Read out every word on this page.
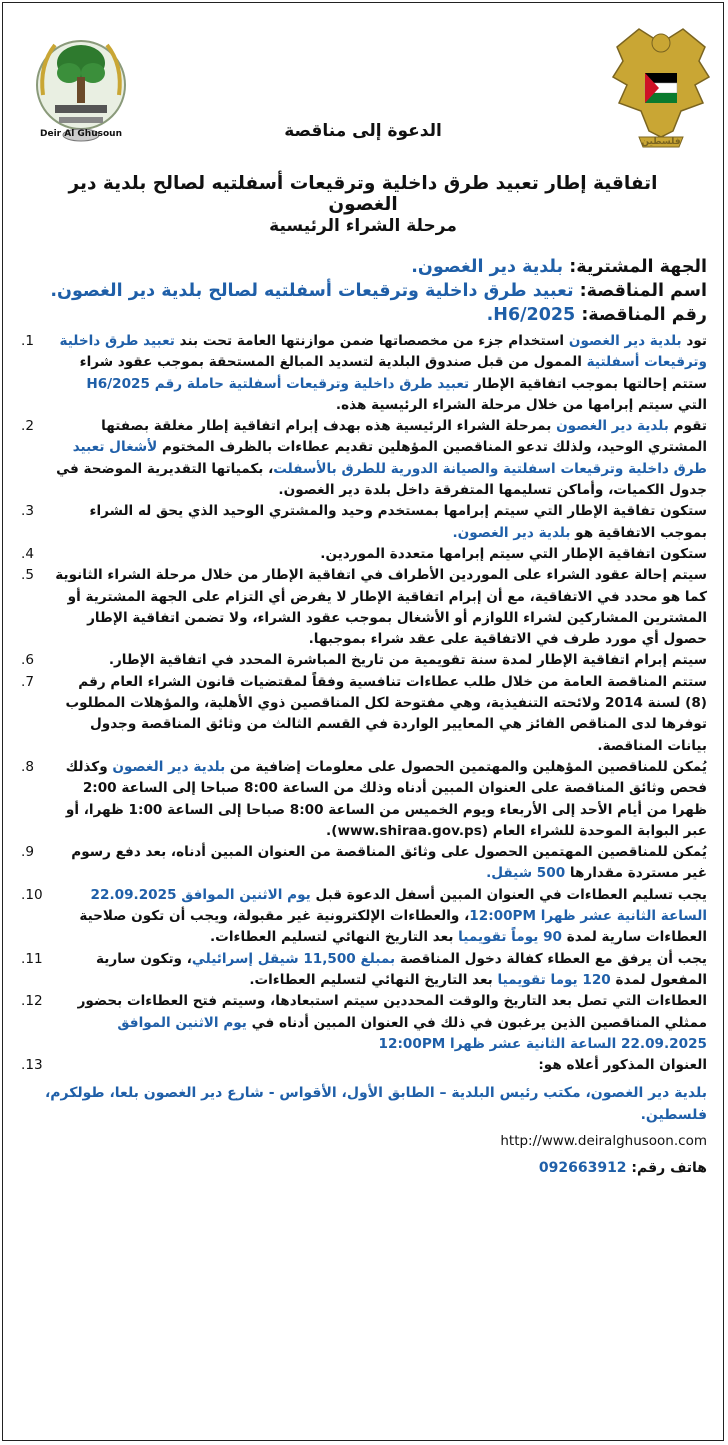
Deir Al Ghusoun
فلسطين
الدعوة إلى مناقصة
اتفاقية إطار تعبيد طرق داخلية وترقيعات أسفلتيه لصالح بلدية دير الغصون
مرحلة الشراء الرئيسية
الجهة المشترية: بلدية دير الغصون.
اسم المناقصة: تعبيد طرق داخلية وترقيعات أسفلتيه لصالح بلدية دير الغصون.
رقم المناقصة: H6/2025.
.1	تود بلدية دير الغصون استخدام جزء من مخصصاتها ضمن موازنتها العامة تحت بند تعبيد طرق داخلية وترقيعات أسفلتية الممول من قبل صندوق البلدية لتسديد المبالغ المستحقة بموجب عقود شراء ستتم إحالتها بموجب اتفاقية الإطار تعبيد طرق داخلية وترقيعات أسفلتية حاملة رقم H6/2025 التي سيتم إبرامها من خلال مرحلة الشراء الرئيسية هذه.
.2	تقوم بلدية دير الغصون بمرحلة الشراء الرئيسية هذه بهدف إبرام اتفاقية إطار مغلقة بصفتها المشتري الوحيد، ولذلك تدعو المناقصين المؤهلين تقديم عطاءات بالظرف المختوم لأشغال تعبيد طرق داخلية وترقيعات اسفلتية والصيانة الدورية للطرق بالأسفلت، بكمياتها التقديرية الموضحة في جدول الكميات، وأماكن تسليمها المتفرقة داخل بلدة دير الغصون.
.3	ستكون تفاقية الإطار التي سيتم إبرامها بمستخدم وحيد والمشتري الوحيد الذي يحق له الشراء بموجب الاتفاقية هو بلدية دير الغصون.
.4	ستكون اتفاقية الإطار التي سيتم إبرامها متعددة الموردين.
.5 سيتم إحالة عقود الشراء على الموردين الأطراف في اتفاقية الإطار من خلال مرحلة الشراء الثانوية كما هو محدد في الاتفاقية، مع أن إبرام اتفاقية الإطار لا يفرض أي التزام على الجهة المشترية أو المشترين المشاركين لشراء اللوازم أو الأشغال بموجب عقود الشراء، ولا تضمن اتفاقية الإطار حصول أي مورد طرف في الاتفاقية على عقد شراء بموجبها.
.6	سيتم إبرام اتفاقية الإطار لمدة سنة تقويمية من تاريخ المباشرة المحدد في اتفاقية الإطار.
.7	ستتم المناقصة العامة من خلال طلب عطاءات تنافسية وفقاً لمقتضيات قانون الشراء العام رقم (8) لسنة 2014 ولائحته التنفيذية، وهي مفتوحة لكل المناقصين ذوي الأهلية، والمؤهلات المطلوب توفرها لدى المناقص الفائز هي المعايير الواردة في القسم الثالث من وثائق المناقصة وجدول بيانات المناقصة.
.8	يُمكن للمناقصين المؤهلين والمهتمين الحصول على معلومات إضافية من بلدية دير الغصون وكذلك فحص وثائق المناقصة على العنوان المبين أدناه وذلك من الساعة 8:00 صباحا إلى الساعة 2:00 ظهرا من أيام الأحد إلى الأربعاء ويوم الخميس من الساعة 8:00 صباحا إلى الساعة 1:00 ظهرا، أو عبر البوابة الموحدة للشراء العام (www.shiraa.gov.ps).
.9	يُمكن للمناقصين المهتمين الحصول على وثائق المناقصة من العنوان المبين أدناه، بعد دفع رسوم غير مستردة مقدارها 500 شيقل.
.10	يجب تسليم العطاءات في العنوان المبين أسفل الدعوة قبل يوم الاثنين الموافق 22.09.2025 الساعة الثانية عشر ظهرا 12:00PM، والعطاءات الإلكترونية غير مقبولة، ويجب أن تكون صلاحية العطاءات سارية لمدة 90 يوماً تقويميا بعد التاريخ النهائي لتسليم العطاءات.
.11	يجب أن يرفق مع العطاء كفالة دخول المناقصة بمبلغ 11,500 شيقل إسرائيلي، وتكون سارية المفعول لمدة 120 يوما تقويميا بعد التاريخ النهائي لتسليم العطاءات.
.12	العطاءات التي تصل بعد التاريخ والوقت المحددين سيتم استبعادها، وسيتم فتح العطاءات بحضور ممثلي المناقصين الذين يرغبون في ذلك في العنوان المبين أدناه في يوم الاثنين الموافق 22.09.2025 الساعة الثانية عشر ظهرا 12:00PM
.13	العنوان المذكور أعلاه هو:
بلدية دير الغصون، مكتب رئيس البلدية – الطابق الأول، الأقواس - شارع دير الغصون بلعا، طولكرم، فلسطين.
http://www.deiralghusoon.com
هاتف رقم: 092663912
